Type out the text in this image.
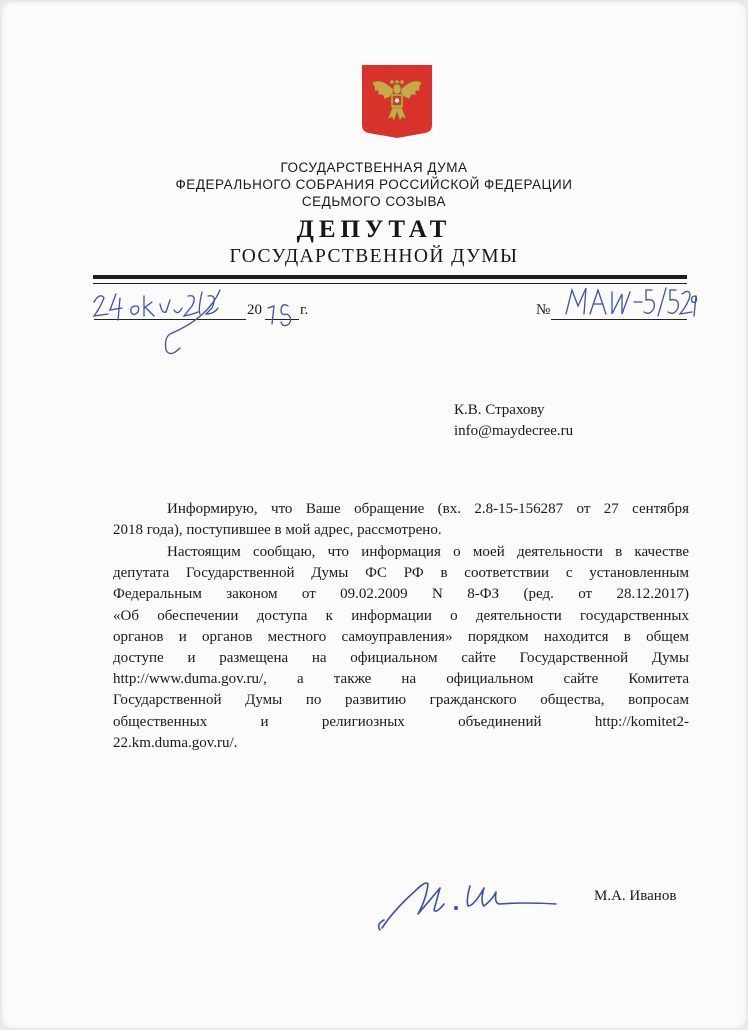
ГОСУДАРСТВЕННАЯ ДУМА
ФЕДЕРАЛЬНОГО СОБРАНИЯ РОССИЙСКОЙ ФЕДЕРАЦИИ
СЕДЬМОГО СОЗЫВА
ДЕПУТАТ
ГОСУДАРСТВЕННОЙ ДУМЫ
20	г.	№
К.В. Страхову
info@maydecree.ru
Информирую, что Ваше обращение (вх. 2.8-15-156287 от 27 сентября
2018 года), поступившее в мой адрес, рассмотрено.
Настоящим сообщаю, что информация о моей деятельности в качестве
депутата Государственной Думы ФС РФ в соответствии с установленным
Федеральным законом от 09.02.2009 N 8-ФЗ (ред. от 28.12.2017)
«Об обеспечении доступа к информации о деятельности государственных
органов и органов местного самоуправления» порядком находится в общем
доступе и размещена на официальном сайте Государственной Думы
http://www.duma.gov.ru/, а также на официальном сайте Комитета
Государственной Думы по развитию гражданского общества, вопросам
общественных и религиозных объединений http://komitet2-
22.km.duma.gov.ru/.
М.А. Иванов
